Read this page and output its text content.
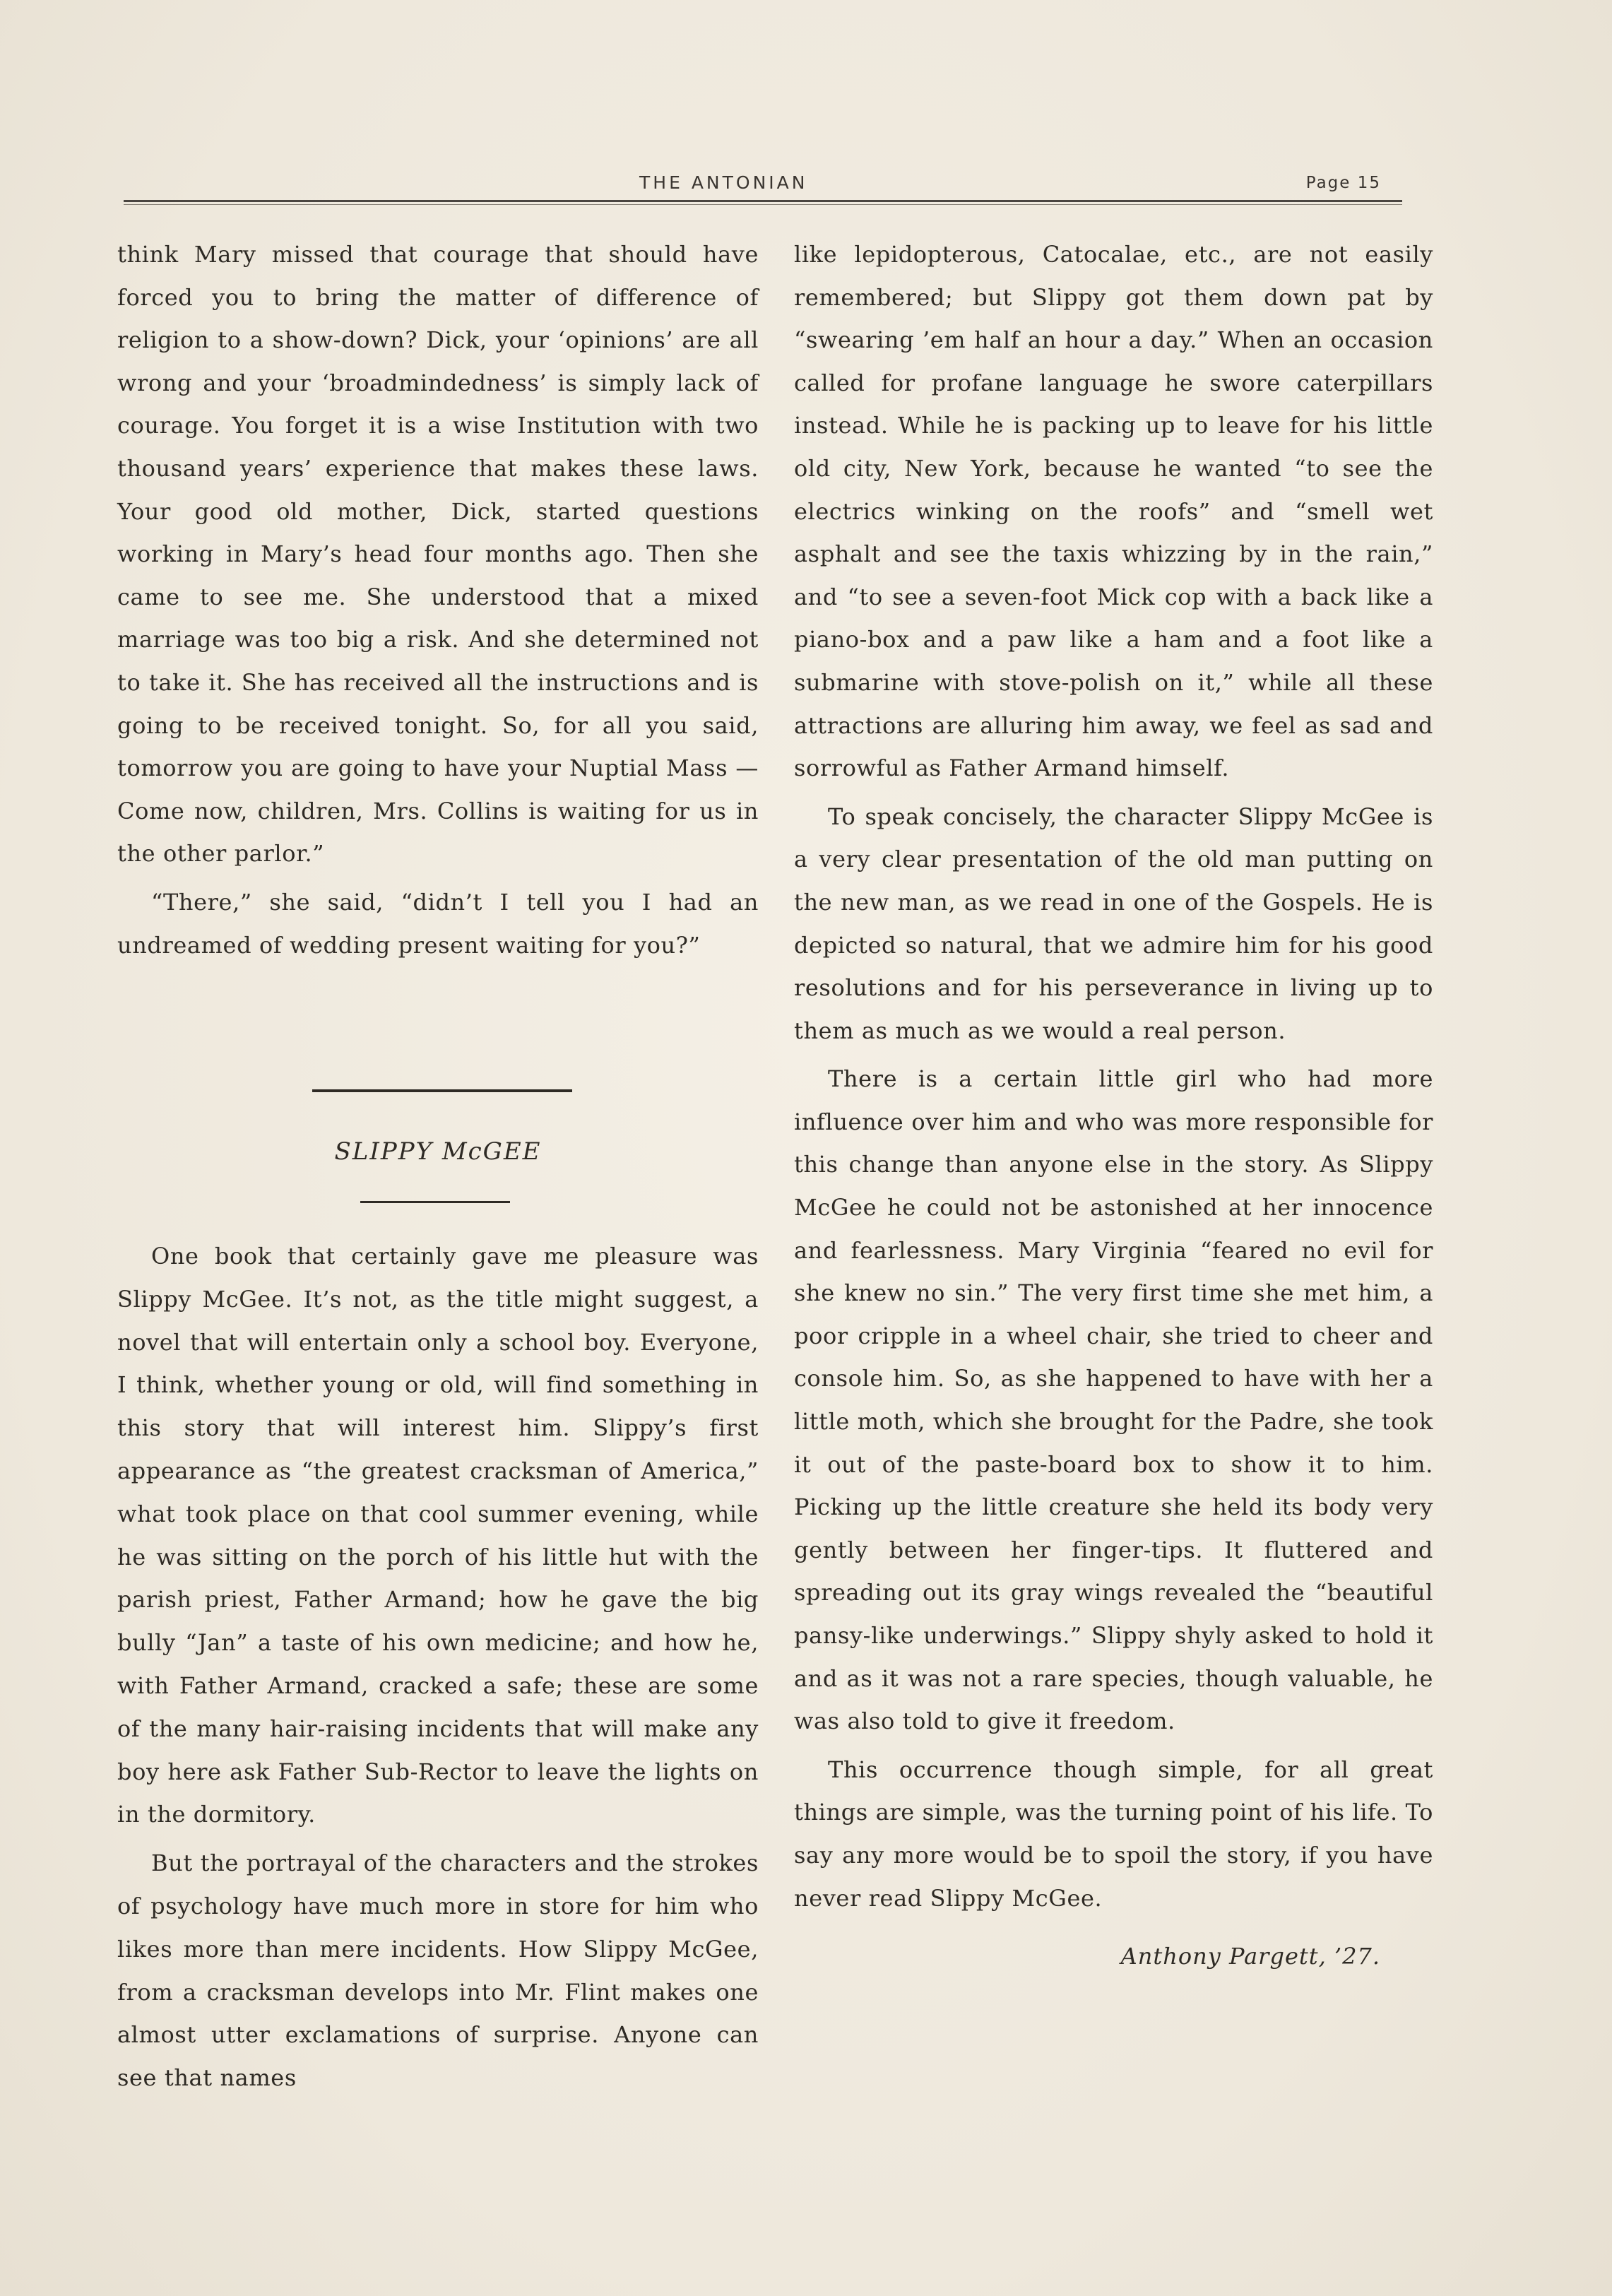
THE ANTONIAN	Page 15

think Mary missed that courage that should have forced you to bring the matter of difference of religion to a show-down? Dick, your ‘opinions’ are all wrong and your ‘broadmindedness’ is simply lack of courage. You forget it is a wise Institution with two thousand years’ experience that makes these laws. Your good old mother, Dick, started questions working in Mary’s head four months ago. Then she came to see me. She understood that a mixed marriage was too big a risk. And she determined not to take it. She has received all the instructions and is going to be received tonight. So, for all you said, tomorrow you are going to have your Nuptial Mass —Come now, children, Mrs. Collins is waiting for us in the other parlor.”

“There,” she said, “didn’t I tell you I had an undreamed of wedding present waiting for you?”

SLIPPY McGEE

One book that certainly gave me pleasure was Slippy McGee. It’s not, as the title might suggest, a novel that will entertain only a school boy. Everyone, I think, whether young or old, will find something in this story that will interest him. Slippy’s first appearance as “the greatest cracksman of America,” what took place on that cool summer evening, while he was sitting on the porch of his little hut with the parish priest, Father Armand; how he gave the big bully “Jan” a taste of his own medicine; and how he, with Father Armand, cracked a safe; these are some of the many hair-raising incidents that will make any boy here ask Father Sub-Rector to leave the lights on in the dormitory.

But the portrayal of the characters and the strokes of psychology have much more in store for him who likes more than mere incidents. How Slippy McGee, from a cracksman develops into Mr. Flint makes one almost utter exclamations of surprise. Anyone can see that names

like lepidopterous, Catocalae, etc., are not easily remembered; but Slippy got them down pat by “swearing ’em half an hour a day.” When an occasion called for profane language he swore caterpillars instead. While he is packing up to leave for his little old city, New York, because he wanted “to see the electrics winking on the roofs” and “smell wet asphalt and see the taxis whizzing by in the rain,” and “to see a seven-foot Mick cop with a back like a piano-box and a paw like a ham and a foot like a submarine with stove-polish on it,” while all these attractions are alluring him away, we feel as sad and sorrowful as Father Armand himself.

To speak concisely, the character Slippy McGee is a very clear presentation of the old man putting on the new man, as we read in one of the Gospels. He is depicted so natural, that we admire him for his good resolutions and for his perseverance in living up to them as much as we would a real person.

There is a certain little girl who had more influence over him and who was more responsible for this change than anyone else in the story. As Slippy McGee he could not be astonished at her innocence and fearlessness. Mary Virginia “feared no evil for she knew no sin.” The very first time she met him, a poor cripple in a wheel chair, she tried to cheer and console him. So, as she happened to have with her a little moth, which she brought for the Padre, she took it out of the paste-board box to show it to him. Picking up the little creature she held its body very gently between her finger-tips. It fluttered and spreading out its gray wings revealed the “beautiful pansy-like underwings.” Slippy shyly asked to hold it and as it was not a rare species, though valuable, he was also told to give it freedom.

This occurrence though simple, for all great things are simple, was the turning point of his life. To say any more would be to spoil the story, if you have never read Slippy McGee.

Anthony Pargett, ’27.
